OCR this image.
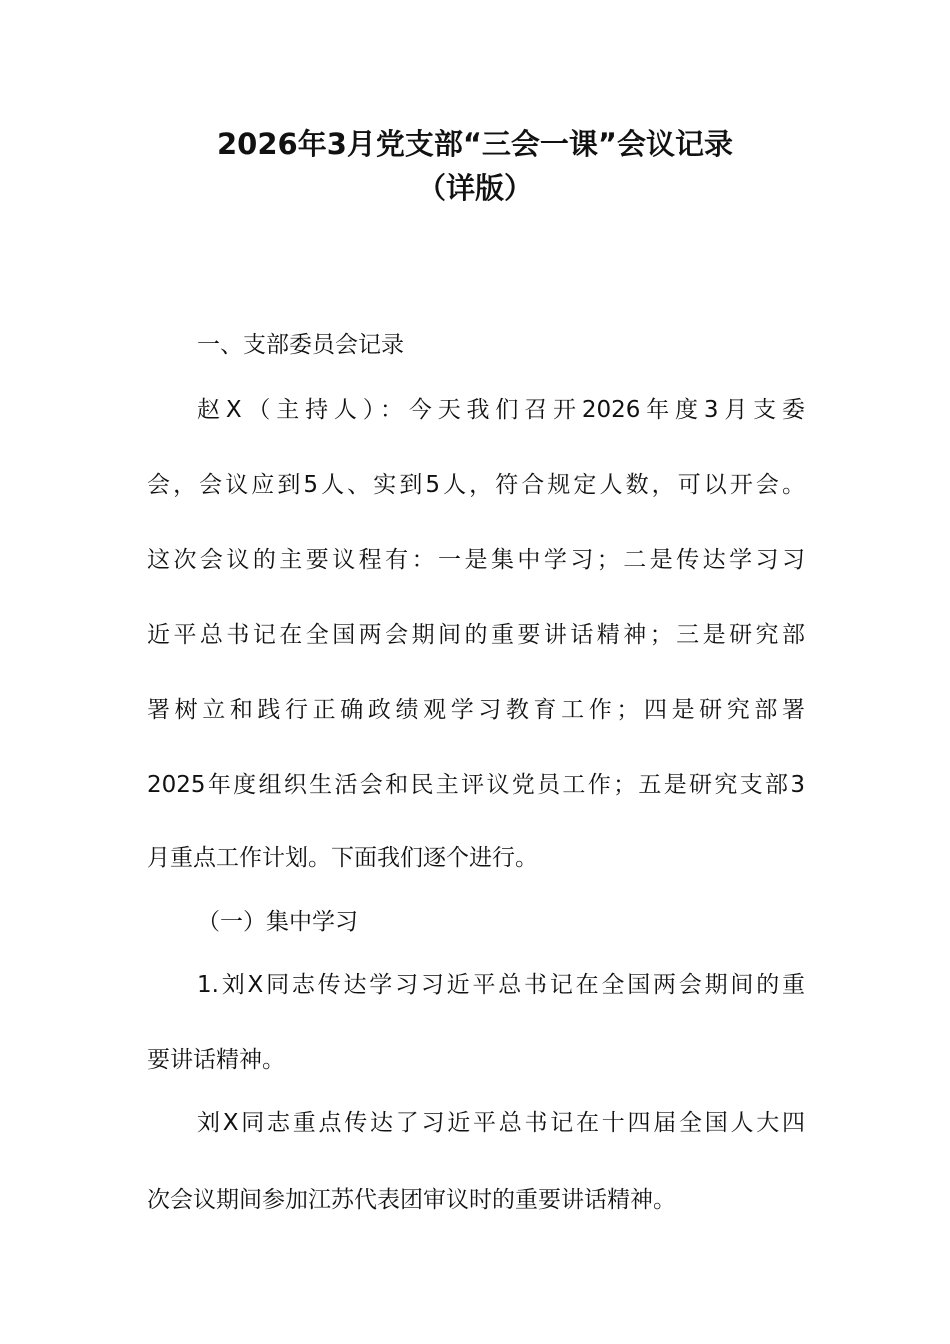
2026年3月党支部“三会一课”会议记录
（详版）
一、支部委员会记录
赵X（主持人）：今天我们召开2026年度3月支委
会，会议应到5人、实到5人，符合规定人数，可以开会。
这次会议的主要议程有：一是集中学习；二是传达学习习
近平总书记在全国两会期间的重要讲话精神；三是研究部
署树立和践行正确政绩观学习教育工作；四是研究部署
2025年度组织生活会和民主评议党员工作；五是研究支部3
月重点工作计划。下面我们逐个进行。
（一）集中学习
1.刘X同志传达学习习近平总书记在全国两会期间的重
要讲话精神。
刘X同志重点传达了习近平总书记在十四届全国人大四
次会议期间参加江苏代表团审议时的重要讲话精神。
